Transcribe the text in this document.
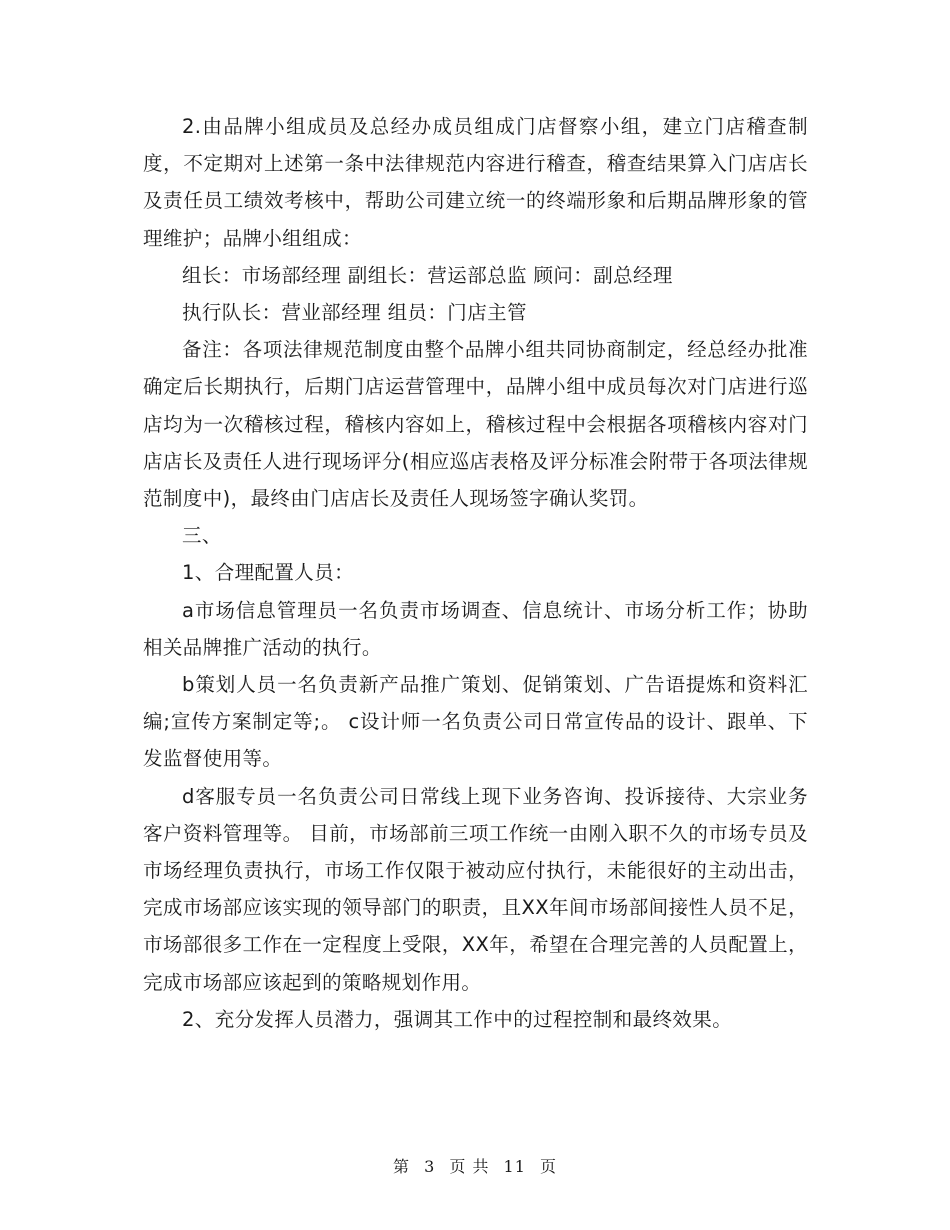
2.由品牌小组成员及总经办成员组成门店督察小组，建立门店稽查制度，不定期对上述第一条中法律规范内容进行稽查，稽查结果算入门店店长及责任员工绩效考核中，帮助公司建立统一的终端形象和后期品牌形象的管理维护；品牌小组组成：

组长：市场部经理 副组长：营运部总监 顾问：副总经理

执行队长：营业部经理 组员：门店主管

备注：各项法律规范制度由整个品牌小组共同协商制定，经总经办批准确定后长期执行，后期门店运营管理中，品牌小组中成员每次对门店进行巡店均为一次稽核过程，稽核内容如上，稽核过程中会根据各项稽核内容对门店店长及责任人进行现场评分(相应巡店表格及评分标准会附带于各项法律规范制度中)，最终由门店店长及责任人现场签字确认奖罚。

三、

1、合理配置人员：

a市场信息管理员一名负责市场调查、信息统计、市场分析工作；协助相关品牌推广活动的执行。

b策划人员一名负责新产品推广策划、促销策划、广告语提炼和资料汇编;宣传方案制定等;。 c设计师一名负责公司日常宣传品的设计、跟单、下发监督使用等。

d客服专员一名负责公司日常线上现下业务咨询、投诉接待、大宗业务客户资料管理等。 目前，市场部前三项工作统一由刚入职不久的市场专员及市场经理负责执行，市场工作仅限于被动应付执行，未能很好的主动出击，完成市场部应该实现的领导部门的职责，且XX年间市场部间接性人员不足，市场部很多工作在一定程度上受限，XX年，希望在合理完善的人员配置上，完成市场部应该起到的策略规划作用。

2、充分发挥人员潜力，强调其工作中的过程控制和最终效果。

第 3 页 共 11 页
